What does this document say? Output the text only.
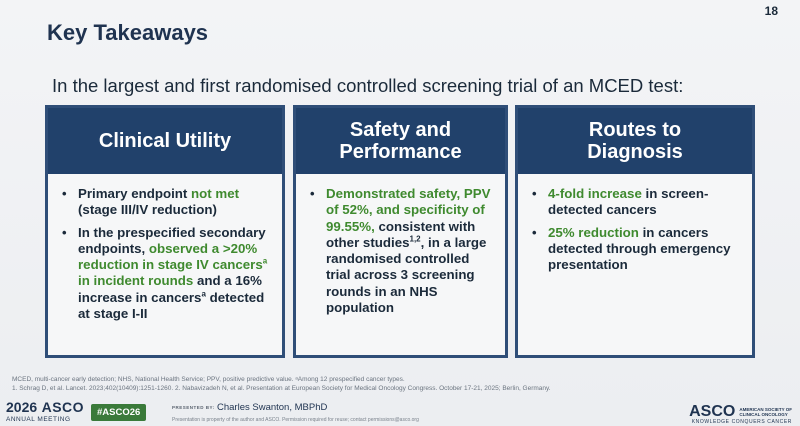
18
Key Takeaways
In the largest and first randomised controlled screening trial of an MCED test:
Clinical Utility
• Primary endpoint not met (stage III/IV reduction)
• In the prespecified secondary endpoints, observed a >20% reduction in stage IV cancers$^a$ in incident rounds and a 16% increase in cancers$^a$ detected at stage I-II
Safety and
Performance
• Demonstrated safety, PPV of 52%, and specificity of 99.55%, consistent with other studies$^{1,2}$, in a large randomised controlled trial across 3 screening rounds in an NHS population
Routes to
Diagnosis
• 4-fold increase in screen-detected cancers
• 25% reduction in cancers detected through emergency presentation
MCED, multi-cancer early detection; NHS, National Health Service; PPV, positive predictive value. ᵃAmong 12 prespecified cancer types.
1. Schrag D, et al. Lancet. 2023;402(10409):1251-1260. 2. Nabavizadeh N, et al. Presentation at European Society for Medical Oncology Congress. October 17-21, 2025; Berlin, Germany.
2026 ASCO
ANNUAL MEETING
#ASCO26	PRESENTED BY: Charles Swanton, MBPhD
Presentation is property of the author and ASCO. Permission required for reuse; contact permissions@asco.org	ASCO AMERICAN SOCIETY OF
CLINICAL ONCOLOGY
KNOWLEDGE CONQUERS CANCER
